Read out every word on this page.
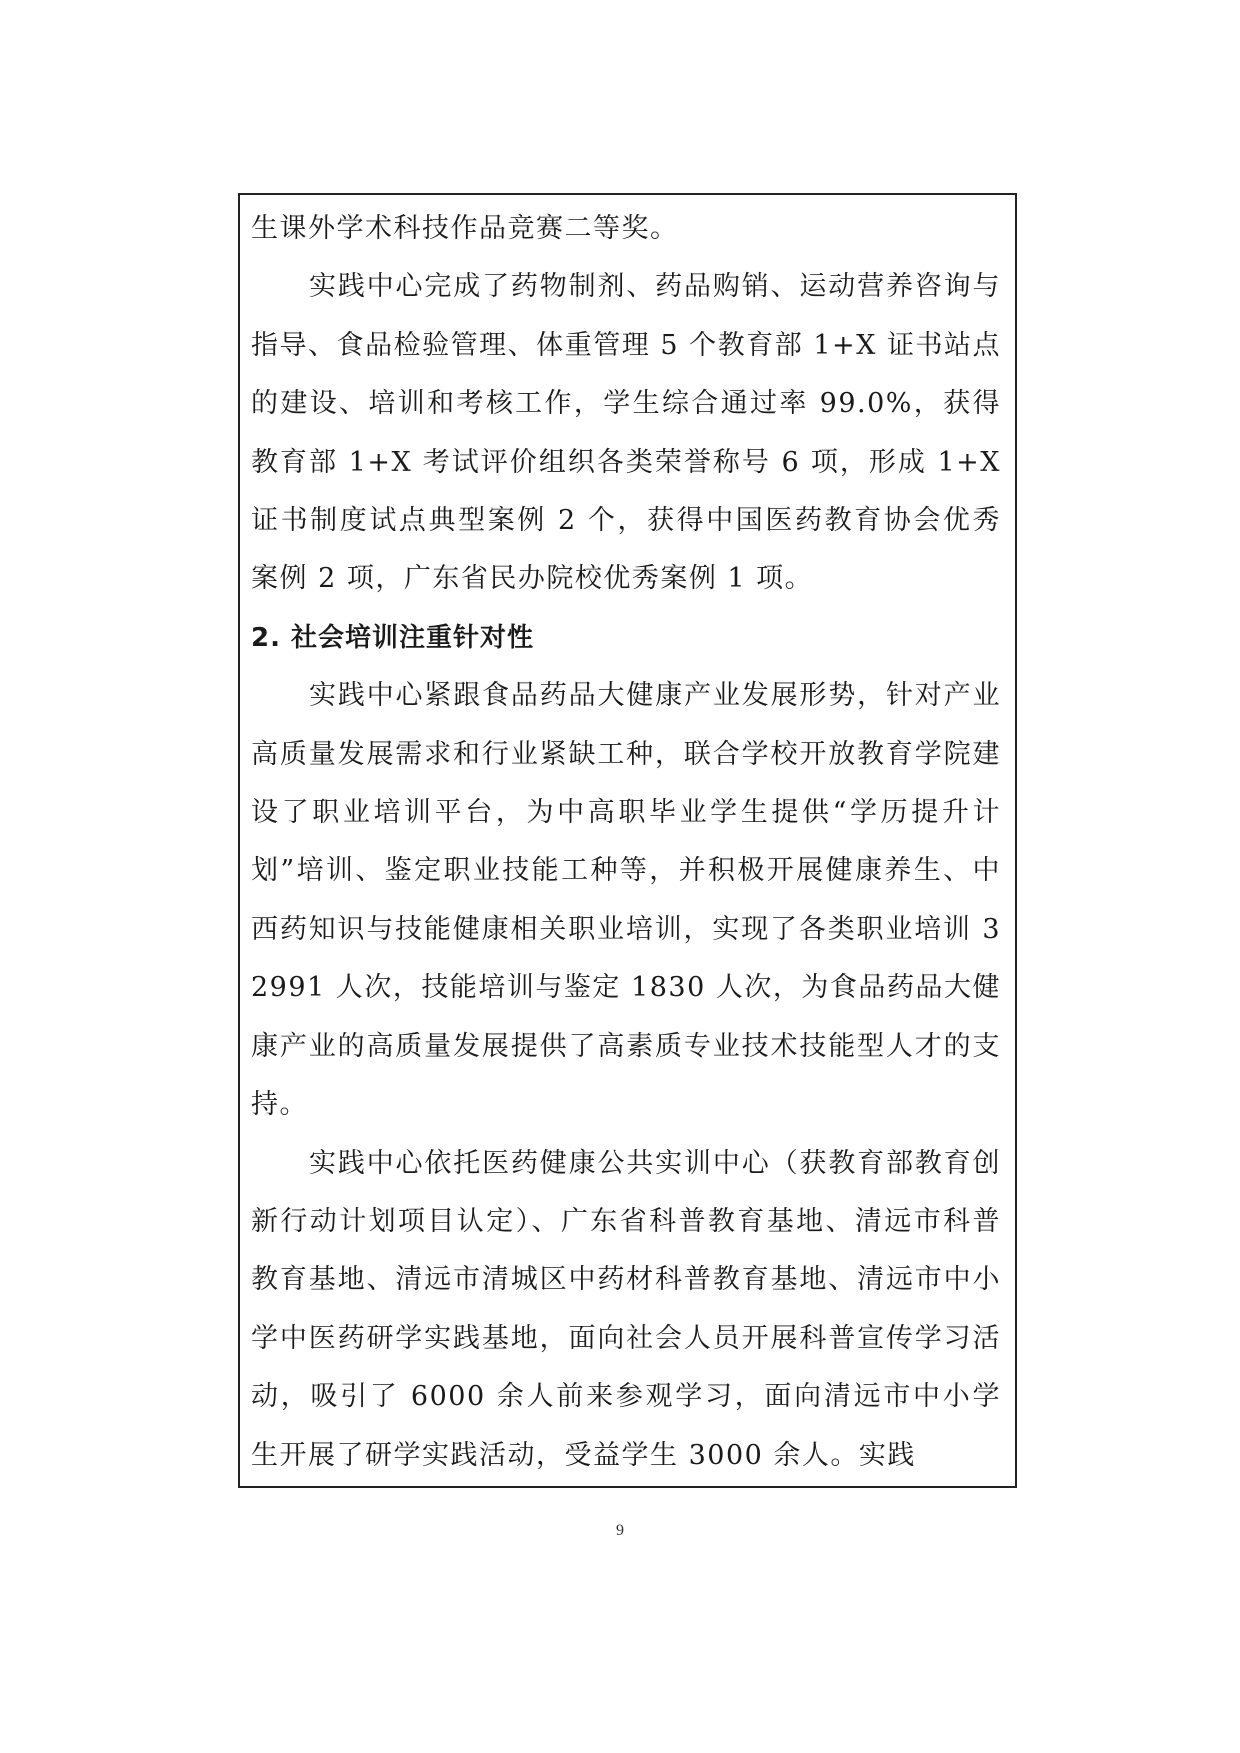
生课外学术科技作品竞赛二等奖。

实践中心完成了药物制剂、药品购销、运动营养咨询与指导、食品检验管理、体重管理 5 个教育部 1+X 证书站点的建设、培训和考核工作，学生综合通过率 99.0%，获得教育部 1+X 考试评价组织各类荣誉称号 6 项，形成 1+X 证书制度试点典型案例 2 个，获得中国医药教育协会优秀案例 2 项，广东省民办院校优秀案例 1 项。

2. 社会培训注重针对性

实践中心紧跟食品药品大健康产业发展形势，针对产业高质量发展需求和行业紧缺工种，联合学校开放教育学院建设了职业培训平台，为中高职毕业学生提供“学历提升计划”培训、鉴定职业技能工种等，并积极开展健康养生、中西药知识与技能健康相关职业培训，实现了各类职业培训 32991 人次，技能培训与鉴定 1830 人次，为食品药品大健康产业的高质量发展提供了高素质专业技术技能型人才的支持。

实践中心依托医药健康公共实训中心（获教育部教育创新行动计划项目认定）、广东省科普教育基地、清远市科普教育基地、清远市清城区中药材科普教育基地、清远市中小学中医药研学实践基地，面向社会人员开展科普宣传学习活动，吸引了 6000 余人前来参观学习，面向清远市中小学生开展了研学实践活动，受益学生 3000 余人。实践

9
